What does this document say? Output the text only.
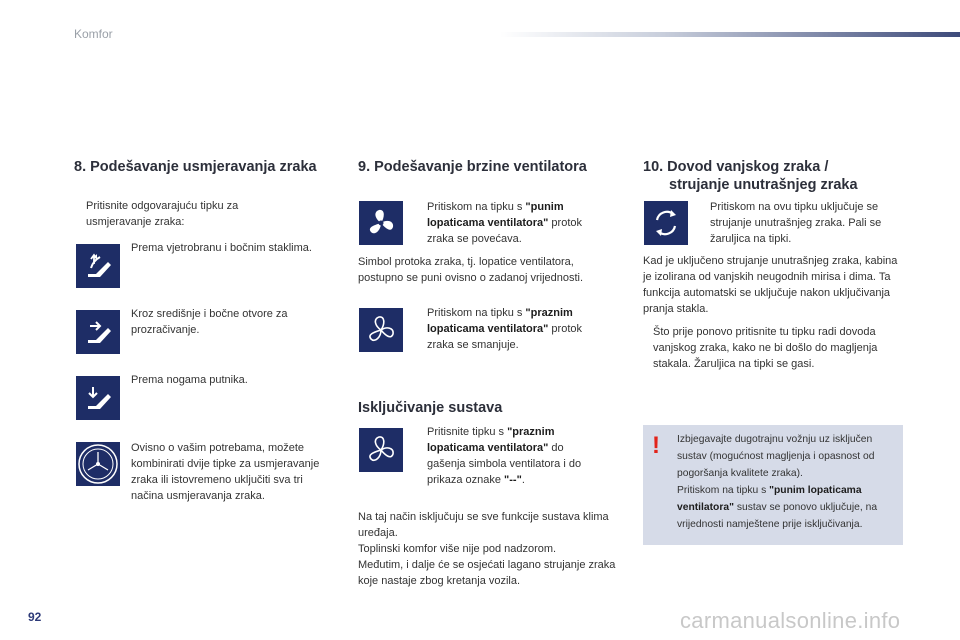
Komfor
8. Podešavanje usmjeravanja zraka
Pritisnite odgovarajuću tipku za usmjeravanje zraka:
Prema vjetrobranu i bočnim staklima.
Kroz središnje i bočne otvore za prozračivanje.
Prema nogama putnika.
Ovisno o vašim potrebama, možete kombinirati dvije tipke za usmjeravanje zraka ili istovremeno uključiti sva tri načina usmjeravanja zraka.
9. Podešavanje brzine ventilatora
Pritiskom na tipku s "punim lopaticama ventilatora" protok zraka se povećava.
Simbol protoka zraka, tj. lopatice ventilatora, postupno se puni ovisno o zadanoj vrijednosti.
Pritiskom na tipku s "praznim lopaticama ventilatora" protok zraka se smanjuje.
Isključivanje sustava
Pritisnite tipku s "praznim lopaticama ventilatora" do gašenja simbola ventilatora i do prikaza oznake "--".
Na taj način isključuju se sve funkcije sustava klima uređaja.
Toplinski komfor više nije pod nadzorom.
Međutim, i dalje će se osjećati lagano strujanje zraka koje nastaje zbog kretanja vozila.
10. Dovod vanjskog zraka /
strujanje unutrašnjeg zraka
Pritiskom na ovu tipku uključuje se strujanje unutrašnjeg zraka. Pali se žaruljica na tipki.
Kad je uključeno strujanje unutrašnjeg zraka, kabina je izolirana od vanjskih neugodnih mirisa i dima. Ta funkcija automatski se uključuje nakon uključivanja pranja stakla.
Što prije ponovo pritisnite tu tipku radi dovoda vanjskog zraka, kako ne bi došlo do magljenja stakala. Žaruljica na tipki se gasi.
! Izbjegavajte dugotrajnu vožnju uz isključen sustav (mogućnost magljenja i opasnost od pogoršanja kvalitete zraka).
Pritiskom na tipku s "punim lopaticama ventilatora" sustav se ponovo uključuje, na vrijednosti namještene prije isključivanja.
92	carmanualsonline.info
